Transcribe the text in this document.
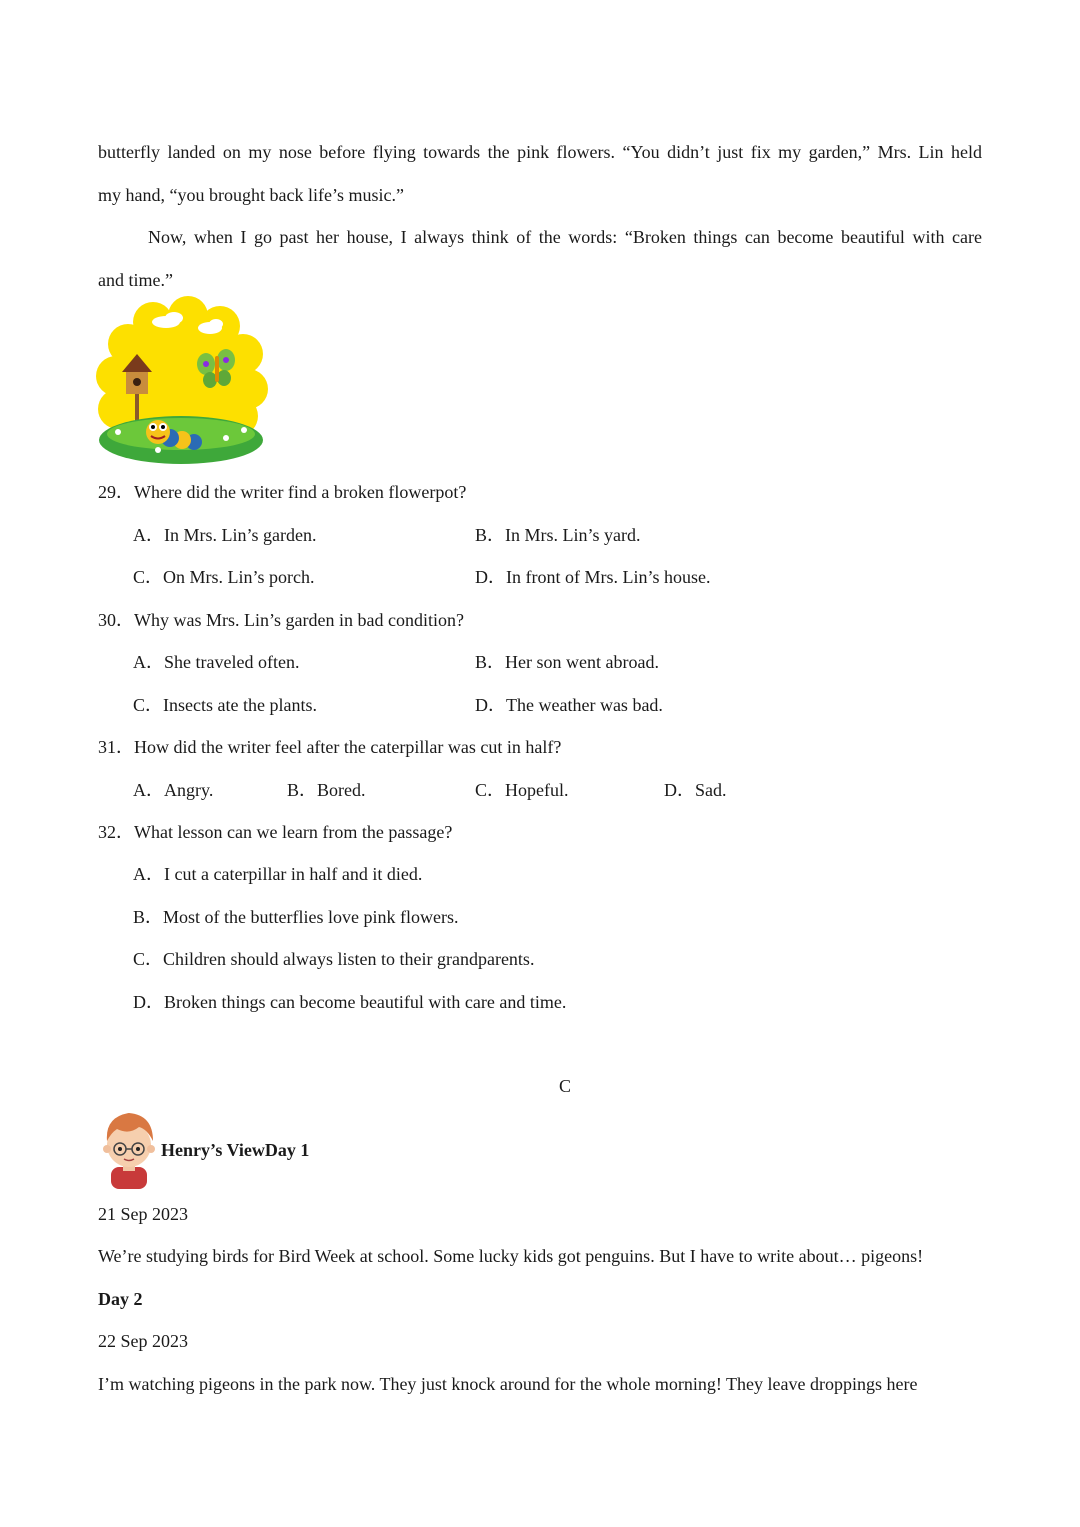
butterfly landed on my nose before flying towards the pink flowers. “You didn’t just fix my garden,” Mrs. Lin held
my hand, “you brought back life’s music.”
Now, when I go past her house, I always think of the words: “Broken things can become beautiful with care
and time.”
29．Where did the writer find a broken flowerpot?
A．In Mrs. Lin’s garden.	B．In Mrs. Lin’s yard.
C．On Mrs. Lin’s porch.	D．In front of Mrs. Lin’s house.
30．Why was Mrs. Lin’s garden in bad condition?
A．She traveled often.	B．Her son went abroad.
C．Insects ate the plants.	D．The weather was bad.
31．How did the writer feel after the caterpillar was cut in half?
A．Angry.	B．Bored.	C．Hopeful.	D．Sad.
32．What lesson can we learn from the passage?
A．I cut a caterpillar in half and it died.
B．Most of the butterflies love pink flowers.
C．Children should always listen to their grandparents.
D．Broken things can become beautiful with care and time.
C
Henry’s ViewDay 1
21 Sep 2023
We’re studying birds for Bird Week at school. Some lucky kids got penguins. But I have to write about… pigeons!
Day 2
22 Sep 2023
I’m watching pigeons in the park now. They just knock around for the whole morning! They leave droppings here
